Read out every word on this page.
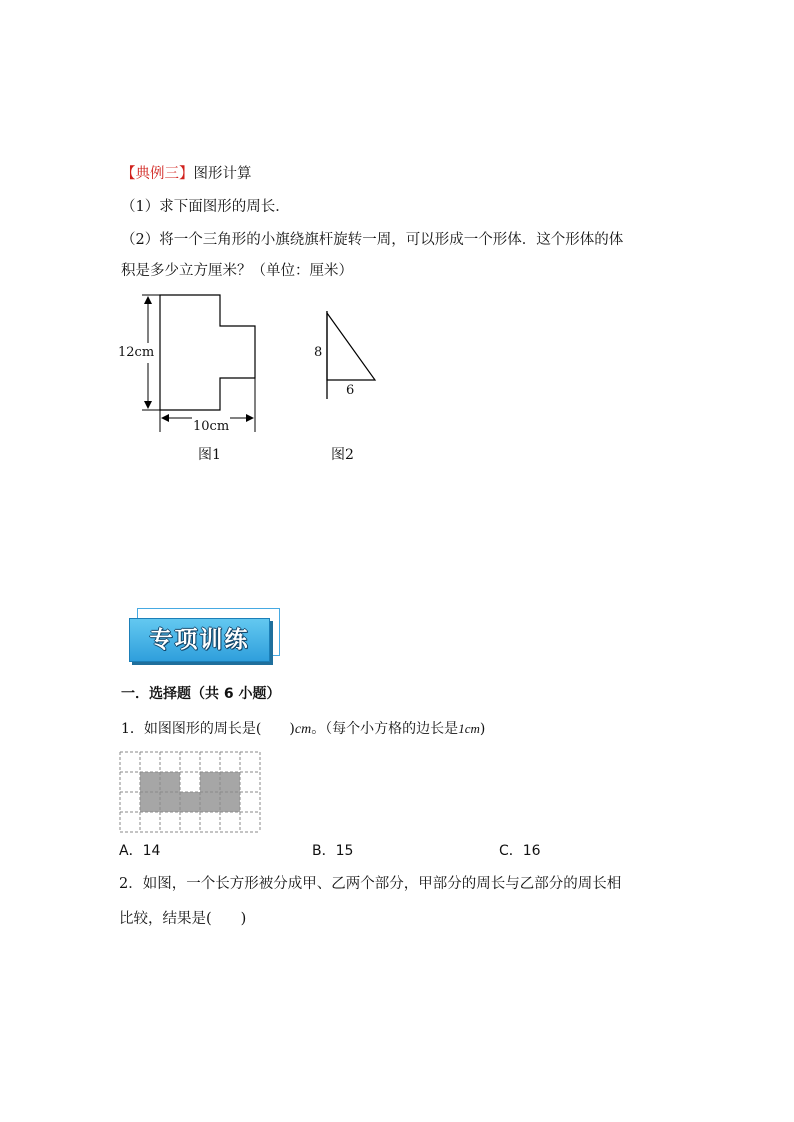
【典例三】图形计算
（1）求下面图形的周长．
（2）将一个三角形的小旗绕旗杆旋转一周，可以形成一个形体．这个形体的体
积是多少立方厘米？（单位：厘米）
12cm
10cm
图1
8
6
图2
专项训练
一．选择题（共 6 小题）
1．如图图形的周长是(　　 )cm。（每个小方格的边长是1cm)
A．14	B．15	C．16
2．如图，一个长方形被分成甲、乙两个部分，甲部分的周长与乙部分的周长相
比较，结果是(　　)
